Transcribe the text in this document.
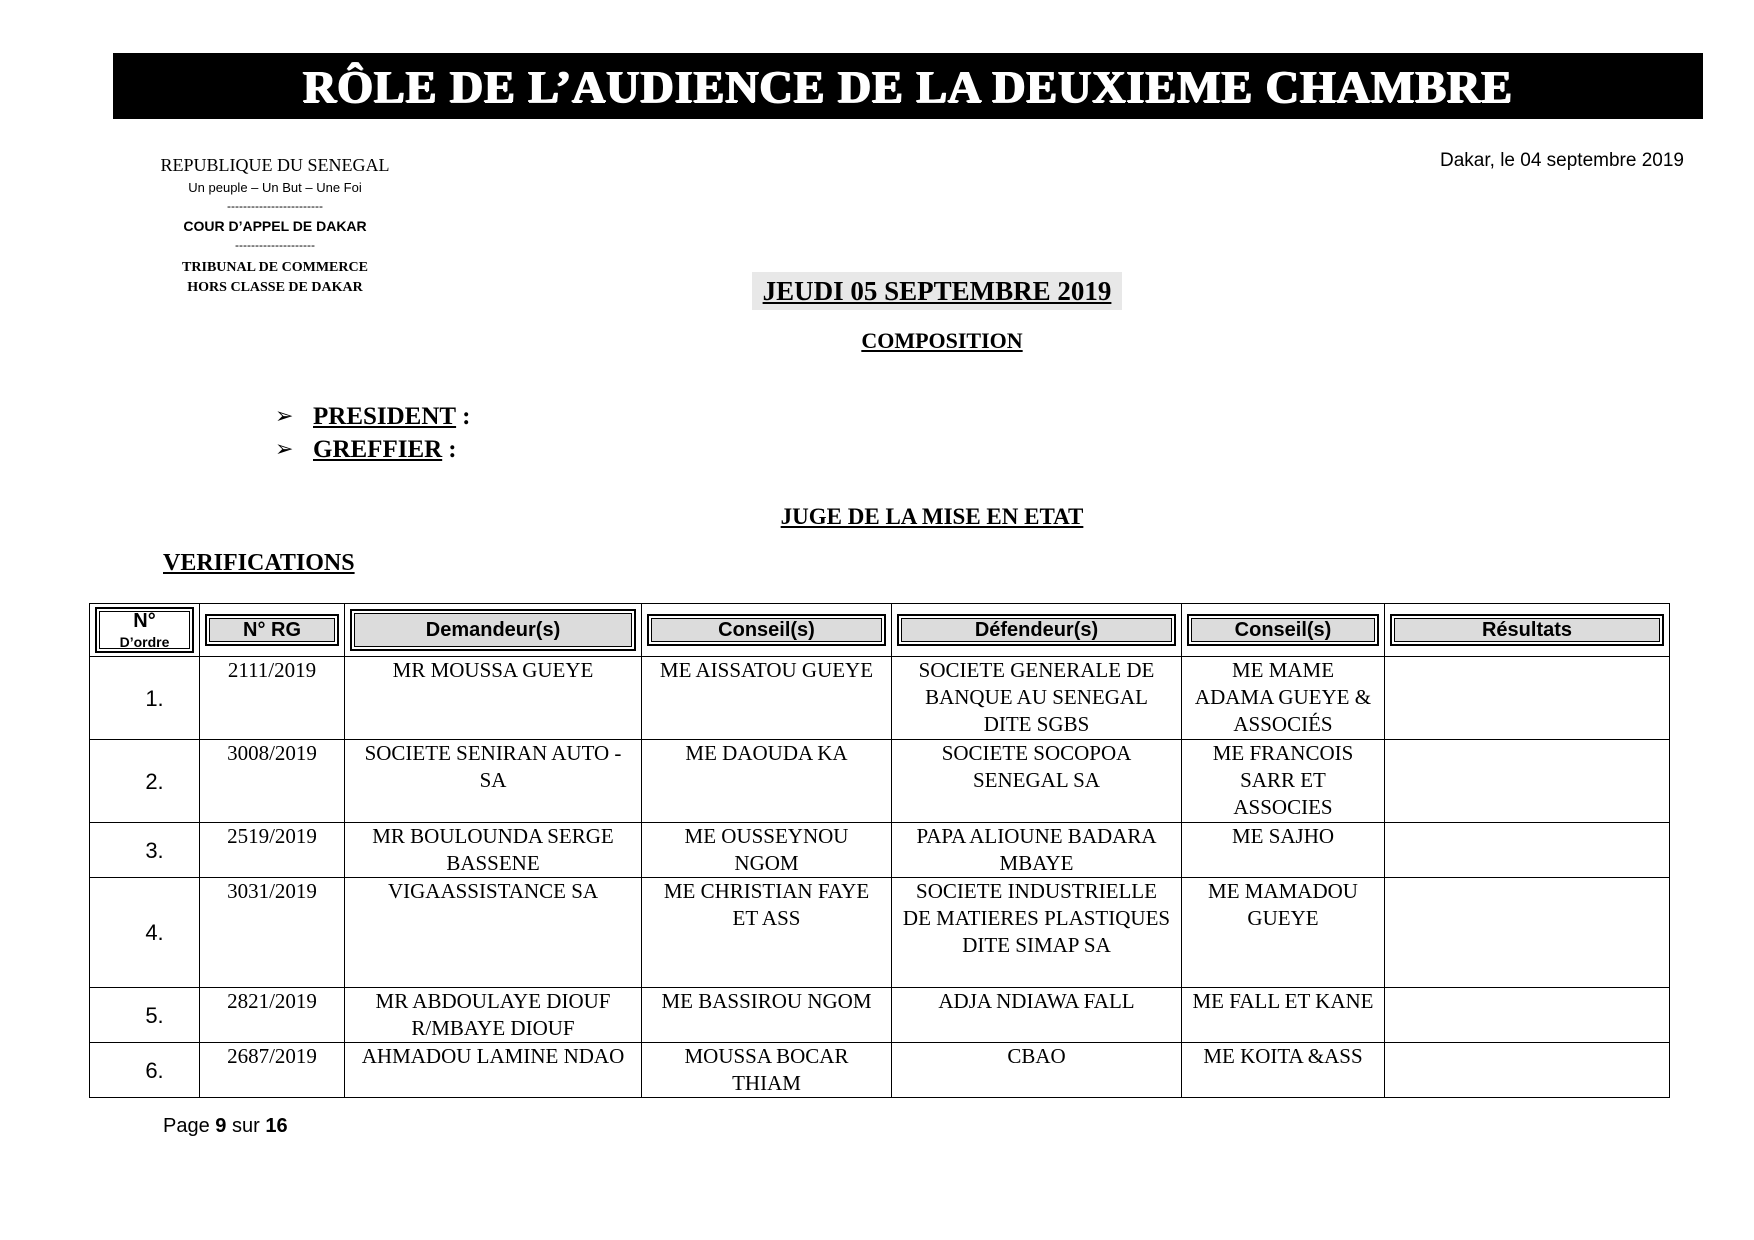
RÔLE DE L’AUDIENCE DE LA DEUXIEME CHAMBRE
REPUBLIQUE DU SENEGAL
Un peuple – Un But – Une Foi
------------------------
COUR D’APPEL DE DAKAR
--------------------
TRIBUNAL DE COMMERCE
HORS CLASSE DE DAKAR
Dakar, le 04 septembre 2019
JEUDI 05 SEPTEMBRE 2019
COMPOSITION
➢ PRESIDENT :
➢ GREFFIER :
JUGE DE LA MISE EN ETAT
VERIFICATIONS
N°
D’ordre	N° RG	Demandeur(s)	Conseil(s)	Défendeur(s)	Conseil(s)	Résultats

1.	2111/2019	MR MOUSSA GUEYE	ME AISSATOU GUEYE	SOCIETE GENERALE DE BANQUE AU SENEGAL DITE SGBS	ME MAME ADAMA GUEYE & ASSOCIÉS	
2.	3008/2019	SOCIETE SENIRAN AUTO - SA	ME DAOUDA KA	SOCIETE SOCOPOA SENEGAL SA	ME FRANCOIS SARR ET ASSOCIES	
3.	2519/2019	MR BOULOUNDA SERGE BASSENE	ME OUSSEYNOU NGOM	PAPA ALIOUNE BADARA MBAYE	ME SAJHO	
4.	3031/2019	VIGAASSISTANCE SA	ME CHRISTIAN FAYE ET ASS	SOCIETE INDUSTRIELLE DE MATIERES PLASTIQUES DITE SIMAP SA	ME MAMADOU GUEYE	
5.	2821/2019	MR ABDOULAYE DIOUF R/MBAYE DIOUF	ME BASSIROU NGOM	ADJA NDIAWA FALL	ME FALL ET KANE	
6.	2687/2019	AHMADOU LAMINE NDAO	MOUSSA BOCAR THIAM	CBAO	ME KOITA &ASS	
Page 9 sur 16
